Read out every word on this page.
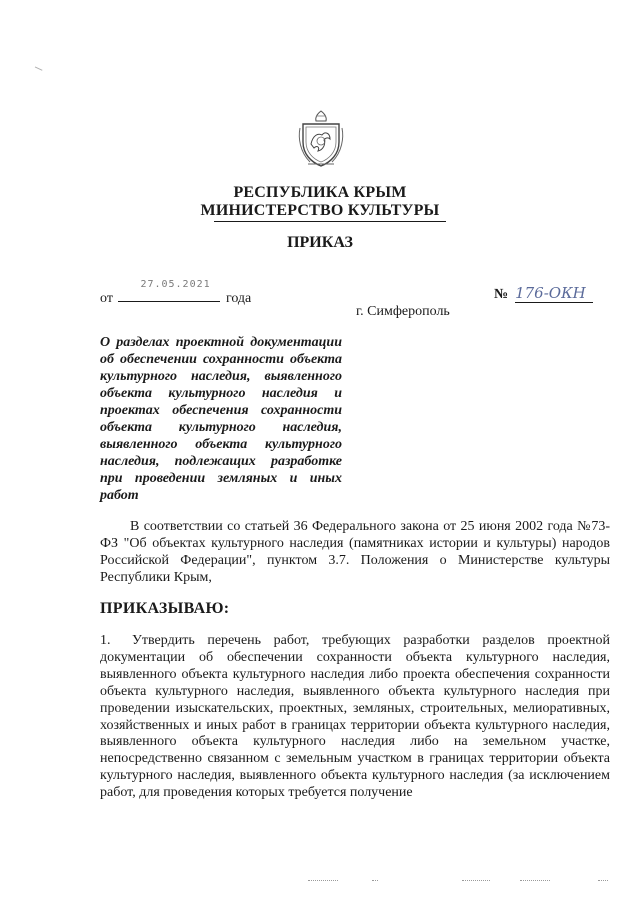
РЕСПУБЛИКА КРЫМ
МИНИСТЕРСТВО КУЛЬТУРЫ
ПРИКАЗ
от
27.05.2021
года	№ 176-ОКН
г. Симферополь
О разделах проектной документации об обеспечении сохранности объекта культурного наследия, выявленного объекта культурного наследия и проектах обеспечения сохранности объекта культурного наследия, выявленного объекта культурного наследия, подлежащих разработке при проведении земляных и иных работ
В соответствии со статьей 36 Федерального закона от 25 июня 2002 года №73-ФЗ "Об объектах культурного наследия (памятниках истории и культуры) народов Российской Федерации", пунктом 3.7. Положения о Министерстве культуры Республики Крым,
ПРИКАЗЫВАЮ:
1. Утвердить перечень работ, требующих разработки разделов проектной документации об обеспечении сохранности объекта культурного наследия, выявленного объекта культурного наследия либо проекта обеспечения сохранности объекта культурного наследия, выявленного объекта культурного наследия при проведении изыскательских, проектных, земляных, строительных, мелиоративных, хозяйственных и иных работ в границах территории объекта культурного наследия, выявленного объекта культурного наследия либо на земельном участке, непосредственно связанном с земельным участком в границах территории объекта культурного наследия, выявленного объекта культурного наследия (за исключением работ, для проведения которых требуется получение
